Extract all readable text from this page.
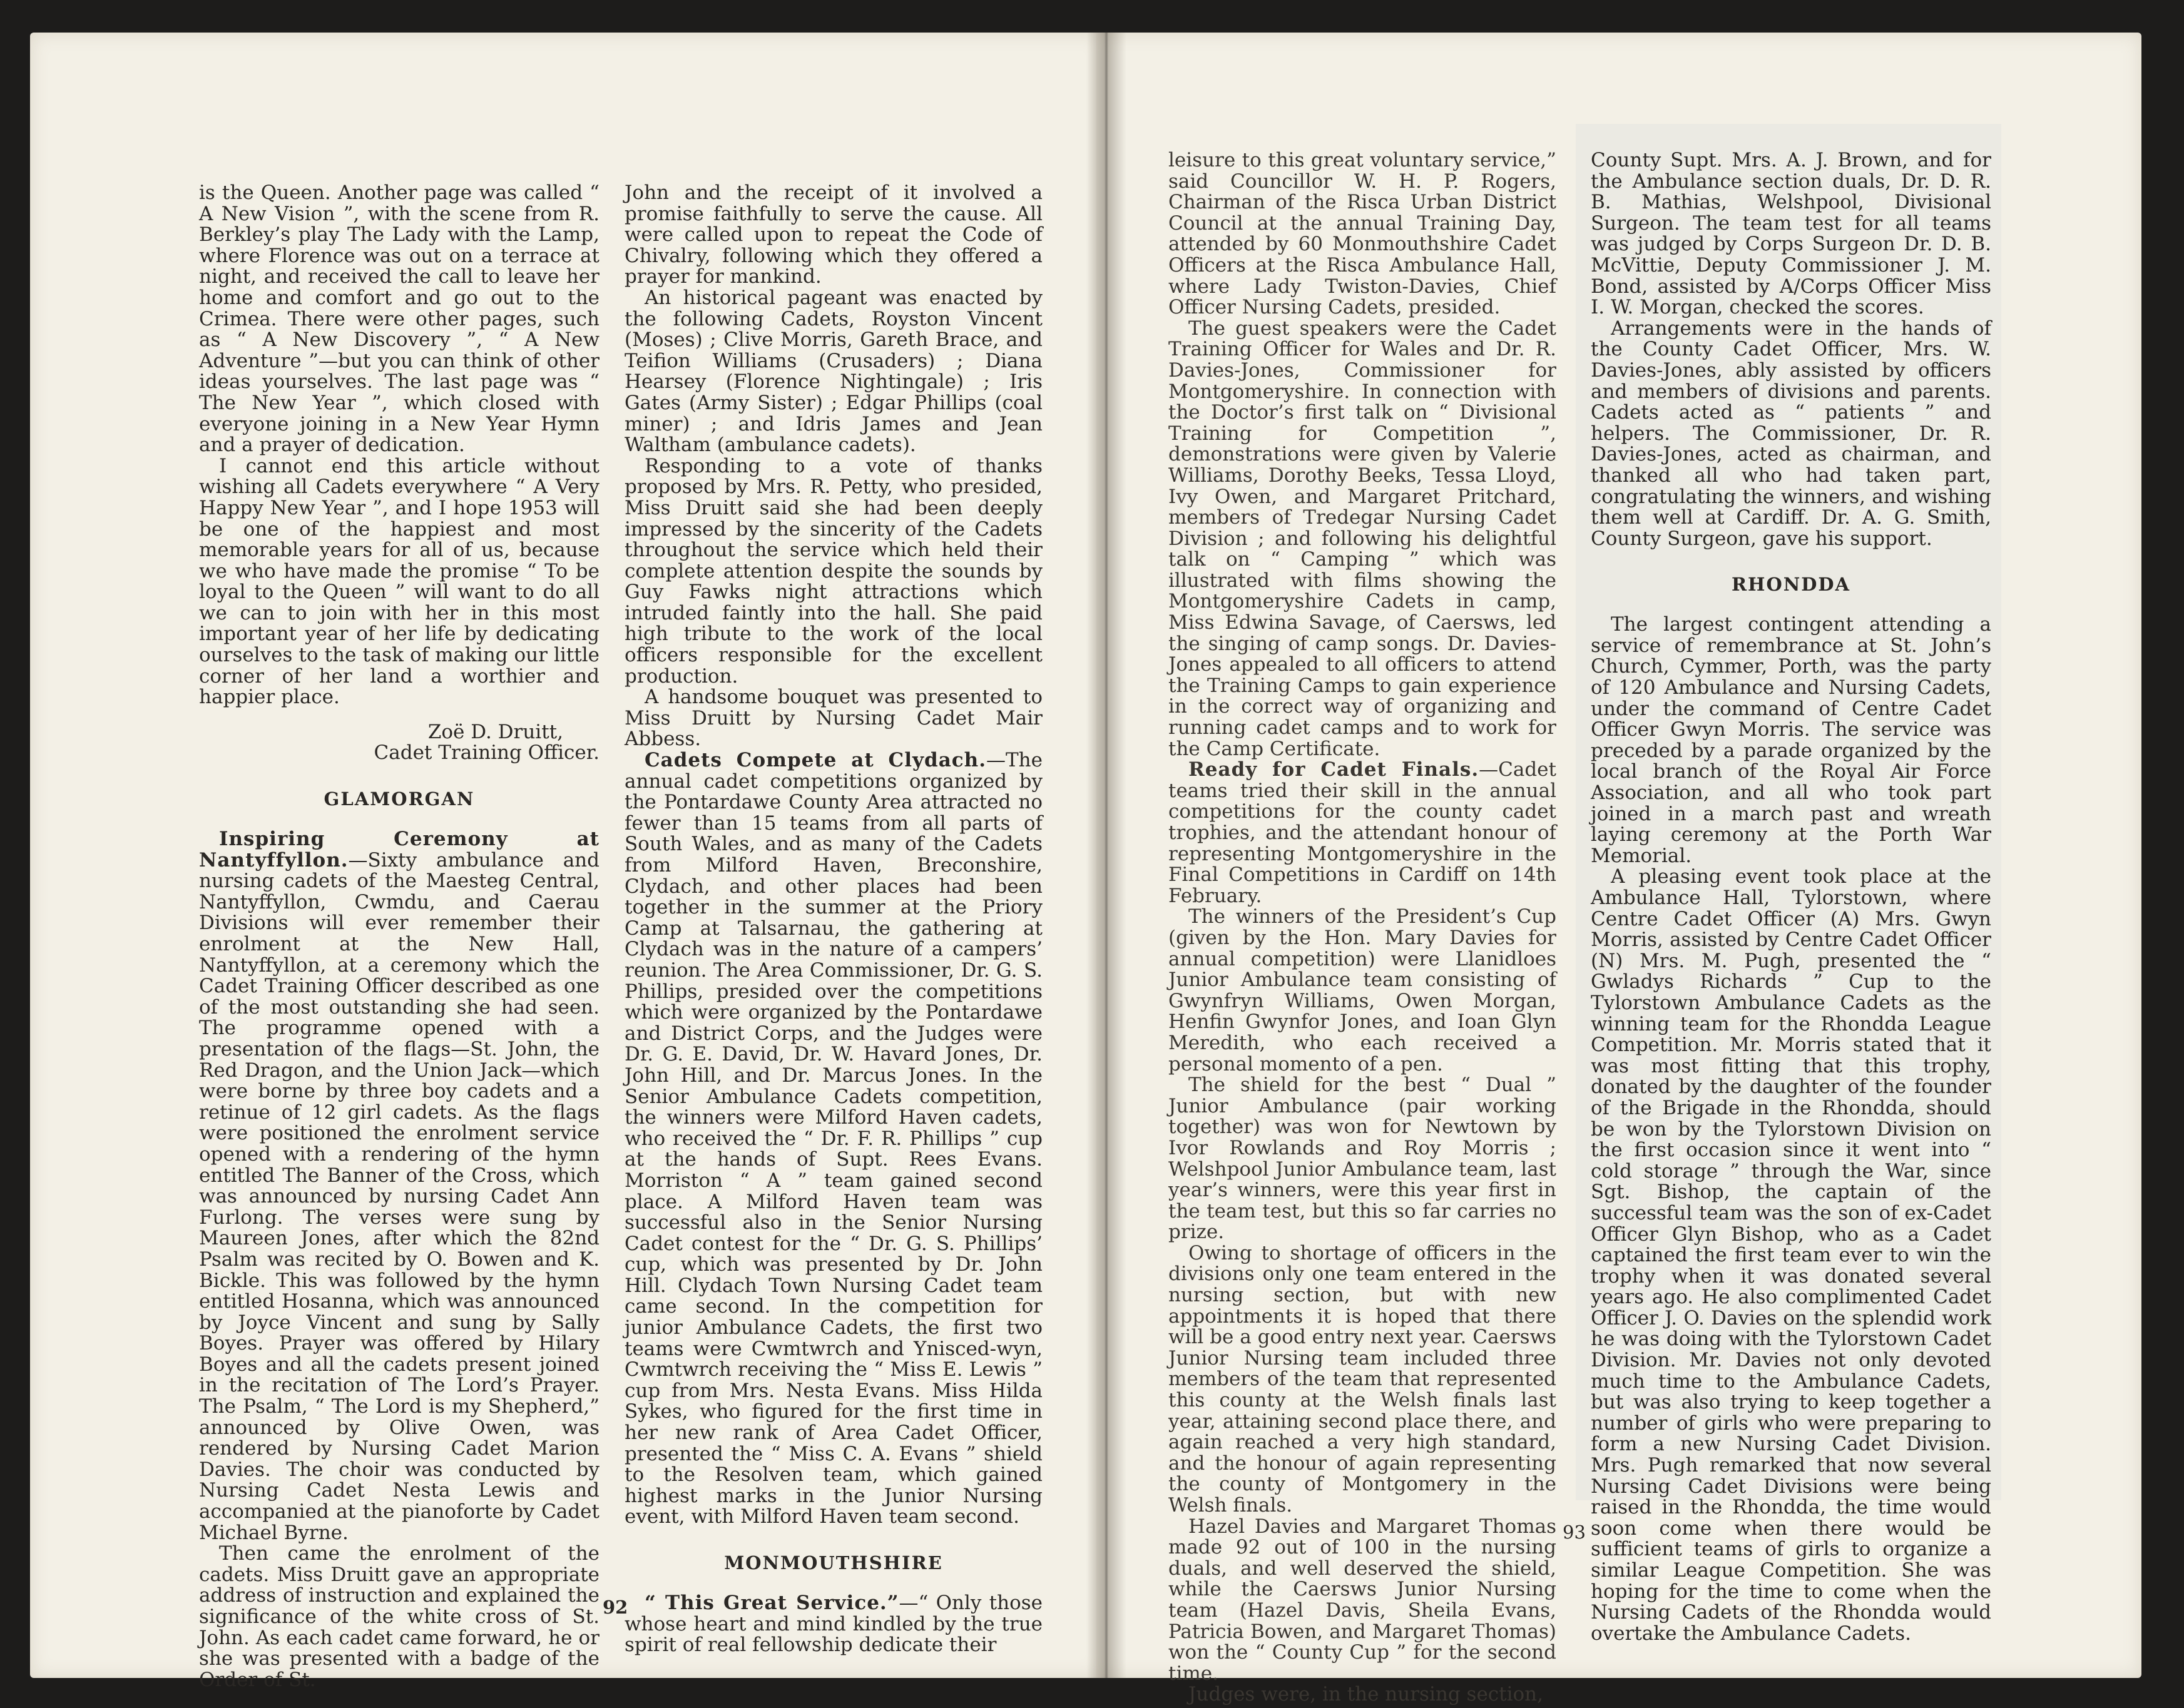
is the Queen. Another page was called “ A New Vision ”, with the scene from R. Berkley’s play The Lady with the Lamp, where Florence was out on a terrace at night, and received the call to leave her home and comfort and go out to the Crimea. There were other pages, such as “ A New Discovery ”, “ A New Adventure ”—but you can think of other ideas yourselves. The last page was “ The New Year ”, which closed with everyone joining in a New Year Hymn and a prayer of dedication.

I cannot end this article without wishing all Cadets everywhere “ A Very Happy New Year ”, and I hope 1953 will be one of the happiest and most memorable years for all of us, because we who have made the promise “ To be loyal to the Queen ” will want to do all we can to join with her in this most important year of her life by dedicating ourselves to the task of making our little corner of her land a worthier and happier place.

Zoë D. Druitt,

Cadet Training Officer.

GLAMORGAN

Inspiring Ceremony at Nantyffyllon.—Sixty ambulance and nursing cadets of the Maesteg Central, Nantyffyllon, Cwmdu, and Caerau Divisions will ever remember their enrolment at the New Hall, Nantyffyllon, at a ceremony which the Cadet Training Officer described as one of the most outstanding she had seen. The programme opened with a presentation of the flags—St. John, the Red Dragon, and the Union Jack—which were borne by three boy cadets and a retinue of 12 girl cadets. As the flags were positioned the enrolment service opened with a rendering of the hymn entitled The Banner of the Cross, which was announced by nursing Cadet Ann Furlong. The verses were sung by Maureen Jones, after which the 82nd Psalm was recited by O. Bowen and K. Bickle. This was followed by the hymn entitled Hosanna, which was announced by Joyce Vincent and sung by Sally Boyes. Prayer was offered by Hilary Boyes and all the cadets present joined in the recitation of The Lord’s Prayer. The Psalm, “ The Lord is my Shepherd,” announced by Olive Owen, was rendered by Nursing Cadet Marion Davies. The choir was conducted by Nursing Cadet Nesta Lewis and accompanied at the pianoforte by Cadet Michael Byrne.

Then came the enrolment of the cadets. Miss Druitt gave an appropriate address of instruction and explained the significance of the white cross of St. John. As each cadet came forward, he or she was presented with a badge of the Order of St.

John and the receipt of it involved a promise faithfully to serve the cause. All were called upon to repeat the Code of Chivalry, following which they offered a prayer for mankind.

An historical pageant was enacted by the following Cadets, Royston Vincent (Moses) ; Clive Morris, Gareth Brace, and Teifion Williams (Crusaders) ; Diana Hearsey (Florence Nightingale) ; Iris Gates (Army Sister) ; Edgar Phillips (coal miner) ; and Idris James and Jean Waltham (ambulance cadets).

Responding to a vote of thanks proposed by Mrs. R. Petty, who presided, Miss Druitt said she had been deeply impressed by the sincerity of the Cadets throughout the service which held their complete attention despite the sounds by Guy Fawks night attractions which intruded faintly into the hall. She paid high tribute to the work of the local officers responsible for the excellent production.

A handsome bouquet was presented to Miss Druitt by Nursing Cadet Mair Abbess.

Cadets Compete at Clydach.—The annual cadet competitions organized by the Pontardawe County Area attracted no fewer than 15 teams from all parts of South Wales, and as many of the Cadets from Milford Haven, Breconshire, Clydach, and other places had been together in the summer at the Priory Camp at Talsarnau, the gathering at Clydach was in the nature of a campers’ reunion. The Area Commissioner, Dr. G. S. Phillips, presided over the competitions which were organized by the Pontardawe and District Corps, and the Judges were Dr. G. E. David, Dr. W. Havard Jones, Dr. John Hill, and Dr. Marcus Jones. In the Senior Ambulance Cadets competition, the winners were Milford Haven cadets, who received the “ Dr. F. R. Phillips ” cup at the hands of Supt. Rees Evans. Morriston “ A ” team gained second place. A Milford Haven team was successful also in the Senior Nursing Cadet contest for the “ Dr. G. S. Phillips’ cup, which was presented by Dr. John Hill. Clydach Town Nursing Cadet team came second. In the competition for junior Ambulance Cadets, the first two teams were Cwmtwrch and Ynisced-wyn, Cwmtwrch receiving the “ Miss E. Lewis ” cup from Mrs. Nesta Evans. Miss Hilda Sykes, who figured for the first time in her new rank of Area Cadet Officer, presented the “ Miss C. A. Evans ” shield to the Resolven team, which gained highest marks in the Junior Nursing event, with Milford Haven team second.

MONMOUTHSHIRE

“ This Great Service.”—“ Only those whose heart and mind kindled by the true spirit of real fellowship dedicate their

92

leisure to this great voluntary service,” said Councillor W. H. P. Rogers, Chairman of the Risca Urban District Council at the annual Training Day, attended by 60 Monmouthshire Cadet Officers at the Risca Ambulance Hall, where Lady Twiston-Davies, Chief Officer Nursing Cadets, presided.

The guest speakers were the Cadet Training Officer for Wales and Dr. R. Davies-Jones, Commissioner for Montgomeryshire. In connection with the Doctor’s first talk on “ Divisional Training for Competition ”, demonstrations were given by Valerie Williams, Dorothy Beeks, Tessa Lloyd, Ivy Owen, and Margaret Pritchard, members of Tredegar Nursing Cadet Division ; and following his delightful talk on “ Camping ” which was illustrated with films showing the Montgomeryshire Cadets in camp, Miss Edwina Savage, of Caersws, led the singing of camp songs. Dr. Davies-Jones appealed to all officers to attend the Training Camps to gain experience in the correct way of organizing and running cadet camps and to work for the Camp Certificate.

Ready for Cadet Finals.—Cadet teams tried their skill in the annual competitions for the county cadet trophies, and the attendant honour of representing Montgomeryshire in the Final Competitions in Cardiff on 14th February.

The winners of the President’s Cup (given by the Hon. Mary Davies for annual competition) were Llanidloes Junior Ambulance team consisting of Gwynfryn Williams, Owen Morgan, Henfin Gwynfor Jones, and Ioan Glyn Meredith, who each received a personal momento of a pen.

The shield for the best “ Dual ” Junior Ambulance (pair working together) was won for Newtown by Ivor Rowlands and Roy Morris ; Welshpool Junior Ambulance team, last year’s winners, were this year first in the team test, but this so far carries no prize.

Owing to shortage of officers in the divisions only one team entered in the nursing section, but with new appointments it is hoped that there will be a good entry next year. Caersws Junior Nursing team included three members of the team that represented this county at the Welsh finals last year, attaining second place there, and again reached a very high standard, and the honour of again representing the county of Montgomery in the Welsh finals.

Hazel Davies and Margaret Thomas made 92 out of 100 in the nursing duals, and well deserved the shield, while the Caersws Junior Nursing team (Hazel Davis, Sheila Evans, Patricia Bowen, and Margaret Thomas) won the “ County Cup ” for the second time.

Judges were, in the nursing section,

County Supt. Mrs. A. J. Brown, and for the Ambulance section duals, Dr. D. R. B. Mathias, Welshpool, Divisional Surgeon. The team test for all teams was judged by Corps Surgeon Dr. D. B. McVittie, Deputy Commissioner J. M. Bond, assisted by A/Corps Officer Miss I. W. Morgan, checked the scores.

Arrangements were in the hands of the County Cadet Officer, Mrs. W. Davies-Jones, ably assisted by officers and members of divisions and parents. Cadets acted as “ patients ” and helpers. The Commissioner, Dr. R. Davies-Jones, acted as chairman, and thanked all who had taken part, congratulating the winners, and wishing them well at Cardiff. Dr. A. G. Smith, County Surgeon, gave his support.

RHONDDA

The largest contingent attending a service of remembrance at St. John’s Church, Cymmer, Porth, was the party of 120 Ambulance and Nursing Cadets, under the command of Centre Cadet Officer Gwyn Morris. The service was preceded by a parade organized by the local branch of the Royal Air Force Association, and all who took part joined in a march past and wreath laying ceremony at the Porth War Memorial.

A pleasing event took place at the Ambulance Hall, Tylorstown, where Centre Cadet Officer (A) Mrs. Gwyn Morris, assisted by Centre Cadet Officer (N) Mrs. M. Pugh, presented the “ Gwladys Richards ” Cup to the Tylorstown Ambulance Cadets as the winning team for the Rhondda League Competition. Mr. Morris stated that it was most fitting that this trophy, donated by the daughter of the founder of the Brigade in the Rhondda, should be won by the Tylorstown Division on the first occasion since it went into “ cold storage ” through the War, since Sgt. Bishop, the captain of the successful team was the son of ex-Cadet Officer Glyn Bishop, who as a Cadet captained the first team ever to win the trophy when it was donated several years ago. He also complimented Cadet Officer J. O. Davies on the splendid work he was doing with the Tylorstown Cadet Division. Mr. Davies not only devoted much time to the Ambulance Cadets, but was also trying to keep together a number of girls who were preparing to form a new Nursing Cadet Division. Mrs. Pugh remarked that now several Nursing Cadet Divisions were being raised in the Rhondda, the time would soon come when there would be sufficient teams of girls to organize a similar League Competition. She was hoping for the time to come when the Nursing Cadets of the Rhondda would overtake the Ambulance Cadets.

93
